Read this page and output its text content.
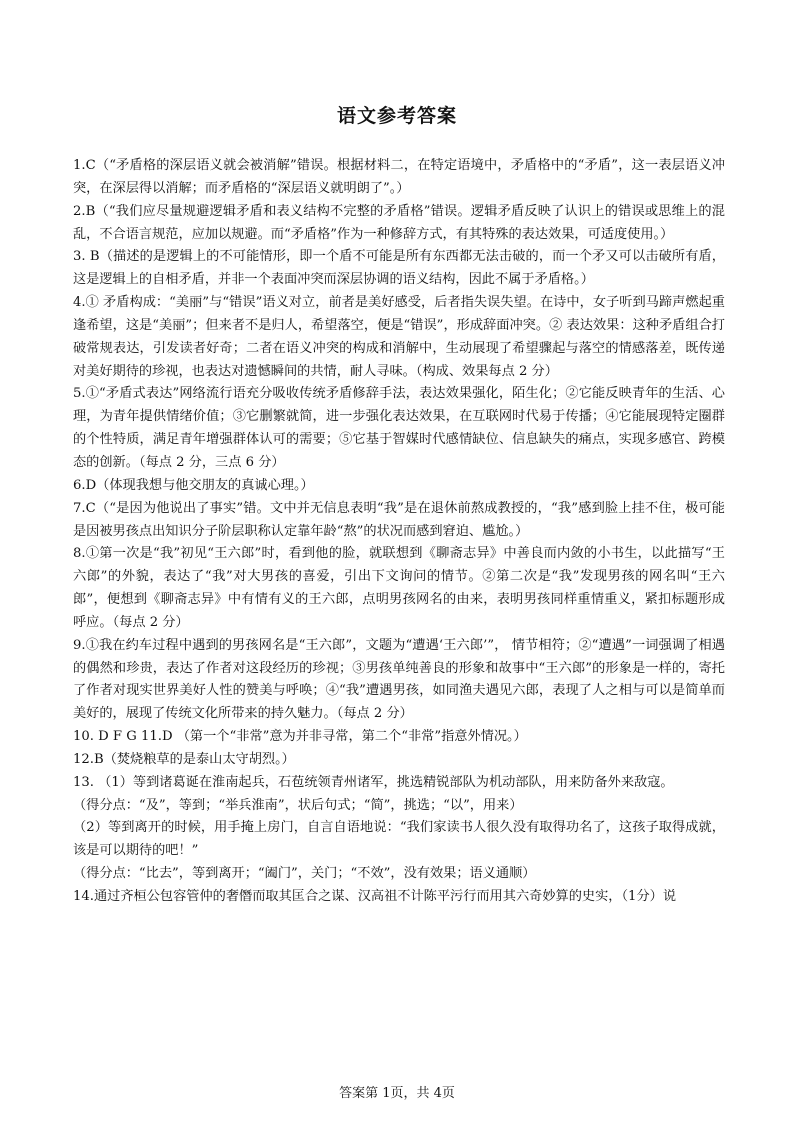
语文参考答案

1.C（“矛盾格的深层语义就会被消解”错误。根据材料二，在特定语境中，矛盾格中的“矛盾”，这一表层语义冲突，在深层得以消解；而矛盾格的“深层语义就明朗了”。）

2.B（“我们应尽量规避逻辑矛盾和表义结构不完整的矛盾格”错误。逻辑矛盾反映了认识上的错误或思维上的混乱，不合语言规范，应加以规避。而“矛盾格”作为一种修辞方式，有其特殊的表达效果，可适度使用。）

3. B（描述的是逻辑上的不可能情形，即一个盾不可能是所有东西都无法击破的，而一个矛又可以击破所有盾，这是逻辑上的自相矛盾，并非一个表面冲突而深层协调的语义结构，因此不属于矛盾格。）

4.① 矛盾构成：“美丽”与“错误”语义对立，前者是美好感受，后者指失误失望。在诗中，女子听到马蹄声燃起重逢希望，这是“美丽”；但来者不是归人，希望落空，便是“错误”，形成辞面冲突。② 表达效果：这种矛盾组合打破常规表达，引发读者好奇；二者在语义冲突的构成和消解中，生动展现了希望骤起与落空的情感落差，既传递对美好期待的珍视，也表达对遗憾瞬间的共情，耐人寻味。（构成、效果每点 2 分）

5.①“矛盾式表达”网络流行语充分吸收传统矛盾修辞手法，表达效果强化，陌生化；②它能反映青年的生活、心理，为青年提供情绪价值；③它删繁就简，进一步强化表达效果，在互联网时代易于传播；④它能展现特定圈群的个性特质，满足青年增强群体认可的需要；⑤它基于智媒时代感情缺位、信息缺失的痛点，实现多感官、跨模态的创新。（每点 2 分，三点 6 分）

6.D（体现我想与他交朋友的真诚心理。）

7.C（“是因为他说出了事实”错。文中并无信息表明“我”是在退休前熬成教授的，“我”感到脸上挂不住，极可能是因被男孩点出知识分子阶层职称认定靠年龄“熬”的状况而感到窘迫、尴尬。）

8.①第一次是“我”初见“王六郎”时，看到他的脸，就联想到《聊斋志异》中善良而内敛的小书生，以此描写“王六郎”的外貌，表达了“我”对大男孩的喜爱，引出下文询问的情节。②第二次是“我”发现男孩的网名叫“王六郎”，便想到《聊斋志异》中有情有义的王六郎，点明男孩网名的由来，表明男孩同样重情重义，紧扣标题形成呼应。（每点 2 分）

9.①我在约车过程中遇到的男孩网名是“王六郎”，文题为“遭遇‘王六郎’”， 情节相符；②“遭遇”一词强调了相遇的偶然和珍贵，表达了作者对这段经历的珍视；③男孩单纯善良的形象和故事中“王六郎”的形象是一样的，寄托了作者对现实世界美好人性的赞美与呼唤；④“我”遭遇男孩，如同渔夫遇见六郎，表现了人之相与可以是简单而美好的，展现了传统文化所带来的持久魅力。（每点 2 分）

10. D F G 11.D （第一个“非常”意为并非寻常，第二个“非常”指意外情况。）

12.B（焚烧粮草的是泰山太守胡烈。）

13. （1）等到诸葛诞在淮南起兵，石苞统领青州诸军，挑选精锐部队为机动部队，用来防备外来敌寇。

（得分点：“及”，等到；“举兵淮南”，状后句式；“简”，挑选；“以”，用来）

（2）等到离开的时候，用手掩上房门，自言自语地说：“我们家读书人很久没有取得功名了，这孩子取得成就，该是可以期待的吧！”

（得分点：“比去”，等到离开；“阖门”，关门；“不效”，没有效果；语义通顺）

14.通过齐桓公包容管仲的奢僭而取其匡合之谋、汉高祖不计陈平污行而用其六奇妙算的史实，（1分）说

答案第 1页，共 4页
